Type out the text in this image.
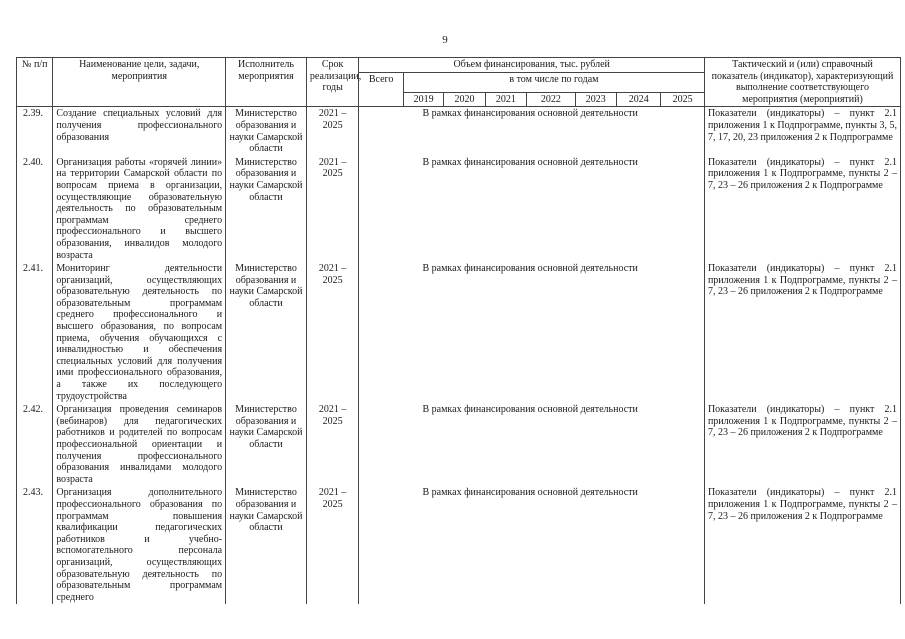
9
№ п/п	Наименование цели, задачи, мероприятия	Исполнитель мероприятия	Срок реализации, годы	Объем финансирования, тыс. рублей								Тактический и (или) справочный показатель (индикатор), характеризующий выполнение соответствующего мероприятия (мероприятий)
				Всего	в том числе по годам							
					2019	2020	2021	2022	2023	2024	2025	
2.39.	Создание специальных условий для получения профессионального образования	Министерство образования и науки Самарской области	2021 – 2025	В рамках финансирования основной деятельности								Показатели (индикаторы) – пункт 2.1 приложения 1 к Подпрограмме, пункты 3, 5, 7, 17, 20, 23 приложения 2 к Подпрограмме
2.40.	Организация работы «горячей линии» на территории Самарской области по вопросам приема в организации, осуществляющие образовательную деятельность по образовательным программам среднего профессионального и высшего образования, инвалидов молодого возраста	Министерство образования и науки Самарской области	2021 – 2025	В рамках финансирования основной деятельности								Показатели (индикаторы) – пункт 2.1 приложения 1 к Подпрограмме, пункты 2 – 7, 23 – 26 приложения 2 к Подпрограмме
2.41.	Мониторинг деятельности организаций, осуществляющих образовательную деятельность по образовательным программам среднего профессионального и высшего образования, по вопросам приема, обучения обучающихся с инвалидностью и обеспечения специальных условий для получения ими профессионального образования, а также их последующего трудоустройства	Министерство образования и науки Самарской области	2021 – 2025	В рамках финансирования основной деятельности								Показатели (индикаторы) – пункт 2.1 приложения 1 к Подпрограмме, пункты 2 – 7, 23 – 26 приложения 2 к Подпрограмме
2.42.	Организация проведения семинаров (вебинаров) для педагогических работников и родителей по вопросам профессиональной ориентации и получения профессионального образования инвалидами молодого возраста	Министерство образования и науки Самарской области	2021 – 2025	В рамках финансирования основной деятельности								Показатели (индикаторы) – пункт 2.1 приложения 1 к Подпрограмме, пункты 2 – 7, 23 – 26 приложения 2 к Подпрограмме
2.43.	Организация дополнительного профессионального образования по программам повышения квалификации педагогических работников и учебно-вспомогательного персонала организаций, осуществляющих образовательную деятельность по образовательным программам среднего	Министерство образования и науки Самарской области	2021 – 2025	В рамках финансирования основной деятельности								Показатели (индикаторы) – пункт 2.1 приложения 1 к Подпрограмме, пункты 2 – 7, 23 – 26 приложения 2 к Подпрограмме
